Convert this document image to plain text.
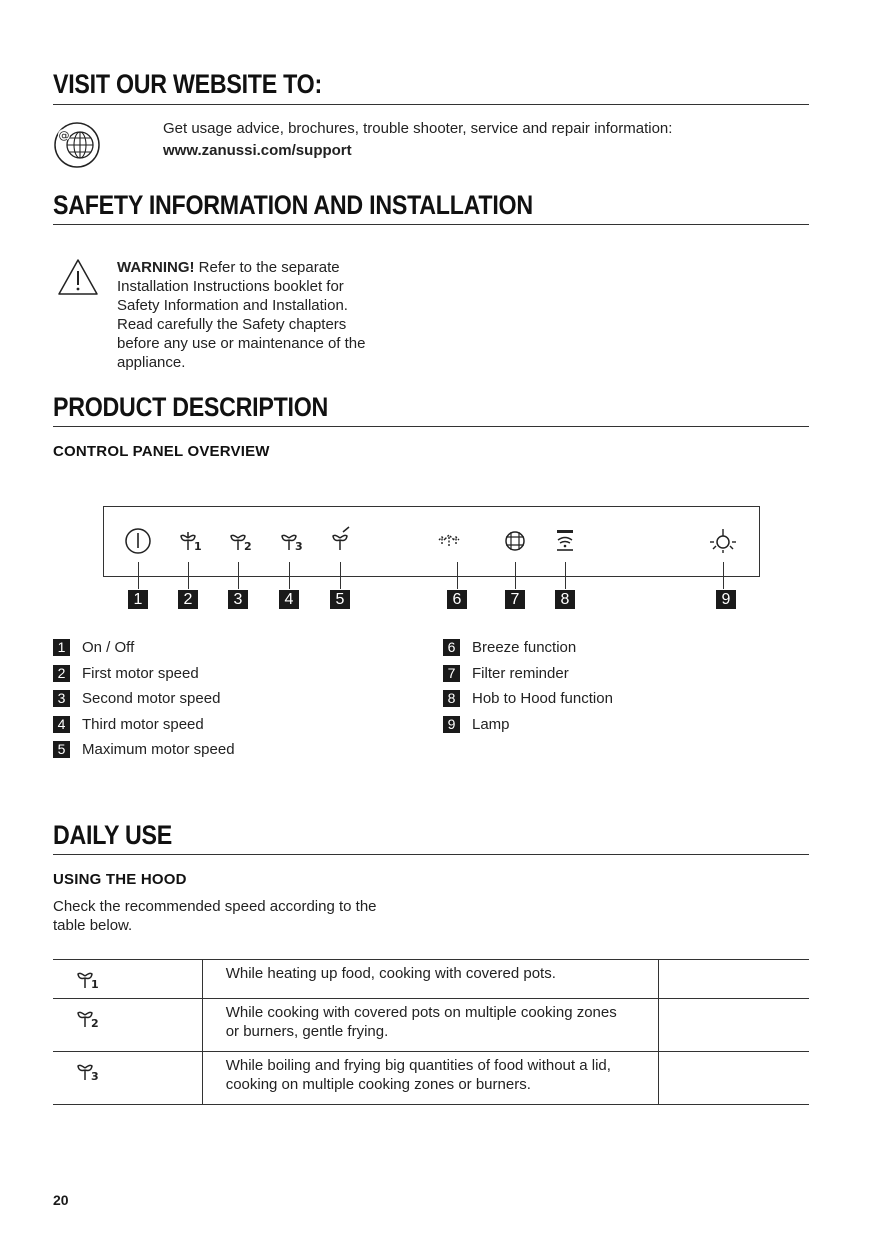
VISIT OUR WEBSITE TO:
@	Get usage advice, brochures, trouble shooter, service and repair information:
www.zanussi.com/support
SAFETY INFORMATION AND INSTALLATION
WARNING! Refer to the separate
Installation Instructions booklet for
Safety Information and Installation.
Read carefully the Safety chapters
before any use or maintenance of the
appliance.
PRODUCT DESCRIPTION
CONTROL PANEL OVERVIEW
1	2	3
1	2	3	4	5	6	7	8	9
1	On / Off
2	First motor speed
3	Second motor speed
4	Third motor speed
5	Maximum motor speed
6	Breeze function
7	Filter reminder
8	Hob to Hood function
9	Lamp
DAILY USE
USING THE HOOD
Check the recommended speed according to the
table below.
1	While heating up food, cooking with covered pots.	

2	While cooking with covered pots on multiple cooking zones
or burners, gentle frying.	

3	While boiling and frying big quantities of food without a lid,
cooking on multiple cooking zones or burners.	

20
